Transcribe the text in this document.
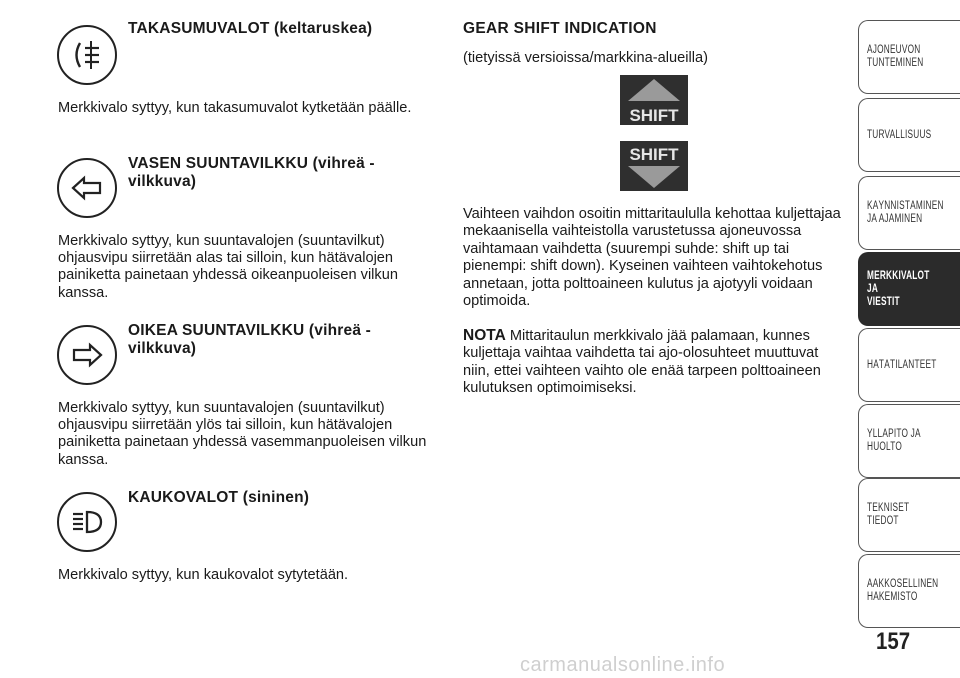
TAKASUMUVALOT (keltaruskea)
Merkkivalo syttyy, kun takasumuvalot kytketään päälle.
VASEN SUUNTAVILKKU (vihreä - vilkkuva)
Merkkivalo syttyy, kun suuntavalojen (suuntavilkut) ohjausvipu siirretään alas tai silloin, kun hätävalojen painiketta painetaan yhdessä oikeanpuoleisen vilkun kanssa.
OIKEA SUUNTAVILKKU (vihreä - vilkkuva)
Merkkivalo syttyy, kun suuntavalojen (suuntavilkut) ohjausvipu siirretään ylös tai silloin, kun hätävalojen painiketta painetaan yhdessä vasemmanpuoleisen vilkun kanssa.
KAUKOVALOT (sininen)
Merkkivalo syttyy, kun kaukovalot sytytetään.
GEAR SHIFT INDICATION
(tietyissä versioissa/markkina-alueilla)
SHIFT
SHIFT
Vaihteen vaihdon osoitin mittaritaululla kehottaa kuljettajaa mekaanisella vaihteistolla varustetussa ajoneuvossa vaihtamaan vaihdetta (suurempi suhde: shift up tai pienempi: shift down). Kyseinen vaihteen vaihtokehotus annetaan, jotta polttoaineen kulutus ja ajotyyli voidaan optimoida.
NOTA Mittaritaulun merkkivalo jää palamaan, kunnes kuljettaja vaihtaa vaihdetta tai ajo-olosuhteet muuttuvat niin, ettei vaihteen vaihto ole enää tarpeen polttoaineen kulutuksen optimoimiseksi.
AJONEUVON
TUNTEMINEN
TURVALLISUUS
KÄYNNISTÄMINEN
JA AJAMINEN
MERKKIVALOT JA
VIESTIT
HÄTÄTILANTEET
YLLÄPITO JA HUOLTO
TEKNISET TIEDOT
AAKKOSELLINEN
HAKEMISTO
157
carmanualsonline.info
